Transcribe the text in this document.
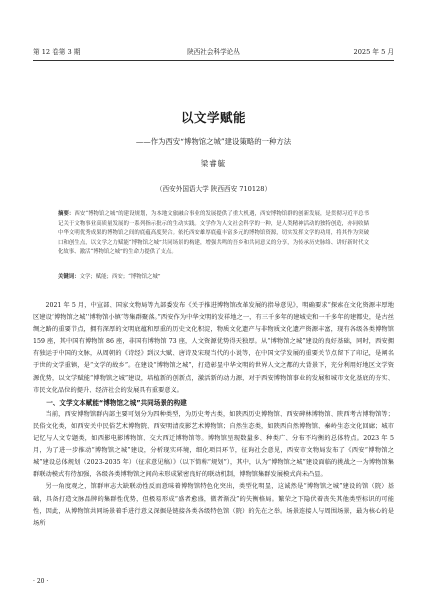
第 12 卷第 3 期	陕西社会科学论丛	2025 年 5 月
以文学赋能
——作为西安“博物馆之城”建设策略的一种方法
梁睿毓
（西安外国语大学 陕西西安 710128）
摘要：西安“博物馆之城”的建设规划，为本地文旅融合事业的发展提供了重大机遇，西安博物馆群的创新发展，是贯彻习近平总书记关于文物事业高质量发展的一系列指示批示的生动实践。文学作为人文社会科学的一种，是人类精神活动的独特创造，亦同收储中华文明优秀成果的博物馆之间的底蕴高度契合。依托西安雄厚底蕴丰富多元的博物馆资源，切实发挥文学的功用，将其作为突破口和创生点，以文学之力赋能“博物馆之城”共同场景的构建，增强共鸣的吾乡和共同意义的分享，为传承历史脉络、讲好新时代文化故事、激活“博物馆之城”的生命力提供了支点。
关键词：文学；赋能；西安；“博物馆之城”

2021 年 5 月，中宣部、国家文物局等九部委发布《关于推进博物馆改革发展的指导意见》，明确要求“探索在文化资源丰厚地区建设‘博物馆之城’‘博物馆小镇’等集群聚落。”西安作为中华文明的发祥地之一，有三千多年的建城史和一千多年的建都史，是古丝绸之路的重要节点，拥有深厚的文明底蕴和厚重的历史文化积淀，物质文化遗产与非物质文化遗产资源丰富，现有各级各类博物馆 159 座，其中国有博物馆 86 座，非国有博物馆 73 座，人文资源优势得天独厚。从“博物馆之城”建设的良好基础，同时，西安拥有独运于中国的文脉，从周朝的《诗经》到汉大赋、唐诗及宋现当代的小说等，在中国文学发展的重要关节点留下了印记，是阐名于世的文学重镇，是“文学的故乡”。在建设“博物馆之城”，打造彰显中华文明的世界人文之都的大背景下，充分利用好地区文学资源优势，以文学赋能“博物馆之城”建设，培植新的创新点，激活新的动力源，对于西安博物馆事业的发展和城市文化基底的夯实、市民文化品位的提升、经济社会的发展具有重要意义。

一、文学文本赋能“博物馆之城”共同场景的构建

当前，西安博物馆群内部主要可划分为四种类型，为历史考古类，如陕西历史博物馆、西安碑林博物馆、陕西考古博物馆等；民俗文化类，如西安关中民俗艺术博物院、西安明清皮影艺术博物馆；自然生态类，如陕西自然博物馆、秦岭生态文化回廊；城市记忆与人文专题类，如西影电影博物馆、交大西迁博物馆等。博物馆呈现数量多、种类广、分布不均衡的总体特点。2023 年 5 月，为了进一步推动“博物馆之城”建设，分析现实环境，细化项目环节，征询社会意见，西安市文物局发布了《西安“博物馆之城”建设总体规划（2023-2035 年）（征求意见稿）》（以下简称“规划”），其中，认为“博物馆之城”建设面临的挑战之一为博物馆集群联动模式有待加强，各级各类博物馆之间尚未形成紧密良好的联动机制，博物馆集群发展模式尚未凸显。

另一角度观之，馆群审志大缺联动性反而意味着博物馆特色化突出，类型化明显，这诚然是“博物馆之城”建设的馆（院）基础，具备打造文脉品牌的集群性优势，但极易形成“盛者愈盛，微者渐没”的失衡格局。繁荣之下隐伏着丧失其他类型标识的可能性，因此，从博物馆共同场景着手进行意义深掘是链接各类各级特色馆（院）的先在之举。场景连接人与周围场景，最为核心的是场所

· 20 ·
